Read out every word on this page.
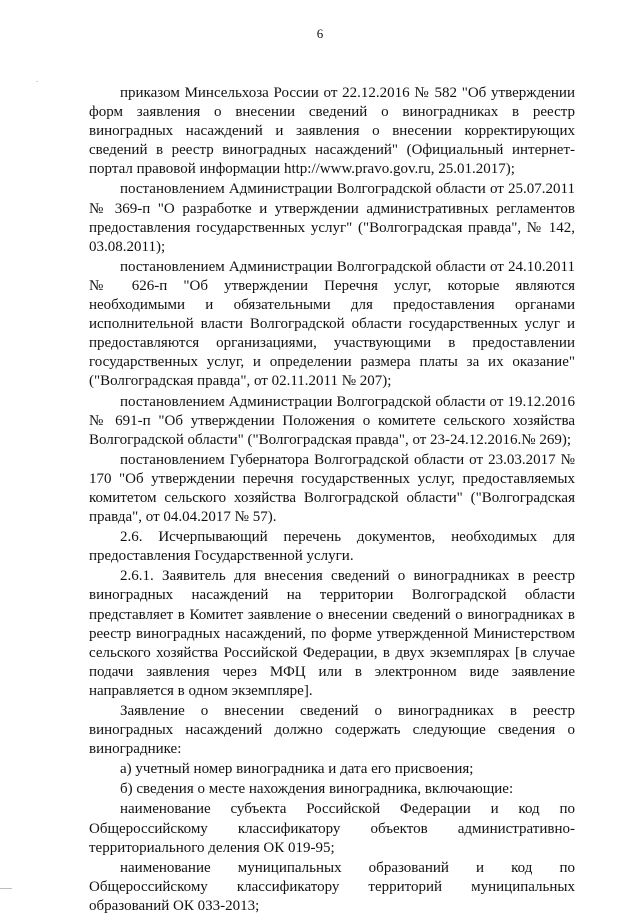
6
.

приказом Минсельхоза России от 22.12.2016 № 582 "Об утверждении форм заявления о внесении сведений о виноградниках в реестр виноградных насаждений и заявления о внесении корректирующих сведений в реестр виноградных насаждений" (Официальный интернет-портал правовой информации http://www.pravo.gov.ru, 25.01.2017);

постановлением Администрации Волгоградской области от 25.07.2011 № 369-п "О разработке и утверждении административных регламентов предоставления государственных услуг" ("Волгоградская правда", № 142, 03.08.2011);

постановлением Администрации Волгоградской области от 24.10.2011 № 626-п "Об утверждении Перечня услуг, которые являются необходимыми и обязательными для предоставления органами исполнительной власти Волгоградской области государственных услуг и предоставляются организациями, участвующими в предоставлении государственных услуг, и определении размера платы за их оказание" ("Волгоградская правда", от 02.11.2011 № 207);

постановлением Администрации Волгоградской области от 19.12.2016 № 691-п "Об утверждении Положения о комитете сельского хозяйства Волгоградской области" ("Волгоградская правда", от 23-24.12.2016.№ 269);

постановлением Губернатора Волгоградской области от 23.03.2017 № 170 "Об утверждении перечня государственных услуг, предоставляемых комитетом сельского хозяйства Волгоградской области" ("Волгоградская правда", от 04.04.2017 № 57).

2.6. Исчерпывающий перечень документов, необходимых для предоставления Государственной услуги.

2.6.1. Заявитель для внесения сведений о виноградниках в реестр виноградных насаждений на территории Волгоградской области представляет в Комитет заявление о внесении сведений о виноградниках в реестр виноградных насаждений, по форме утвержденной Министерством сельского хозяйства Российской Федерации, в двух экземплярах [в случае подачи заявления через МФЦ или в электронном виде заявление направляется в одном экземпляре].

Заявление о внесении сведений о виноградниках в реестр виноградных насаждений должно содержать следующие сведения о винограднике:

а) учетный номер виноградника и дата его присвоения;

б) сведения о месте нахождения виноградника, включающие:

наименование субъекта Российской Федерации и код по Общероссийскому классификатору объектов административно-территориального деления ОК 019-95;

наименование муниципальных образований и код по Общероссийскому классификатору территорий муниципальных образований ОК 033-2013;
